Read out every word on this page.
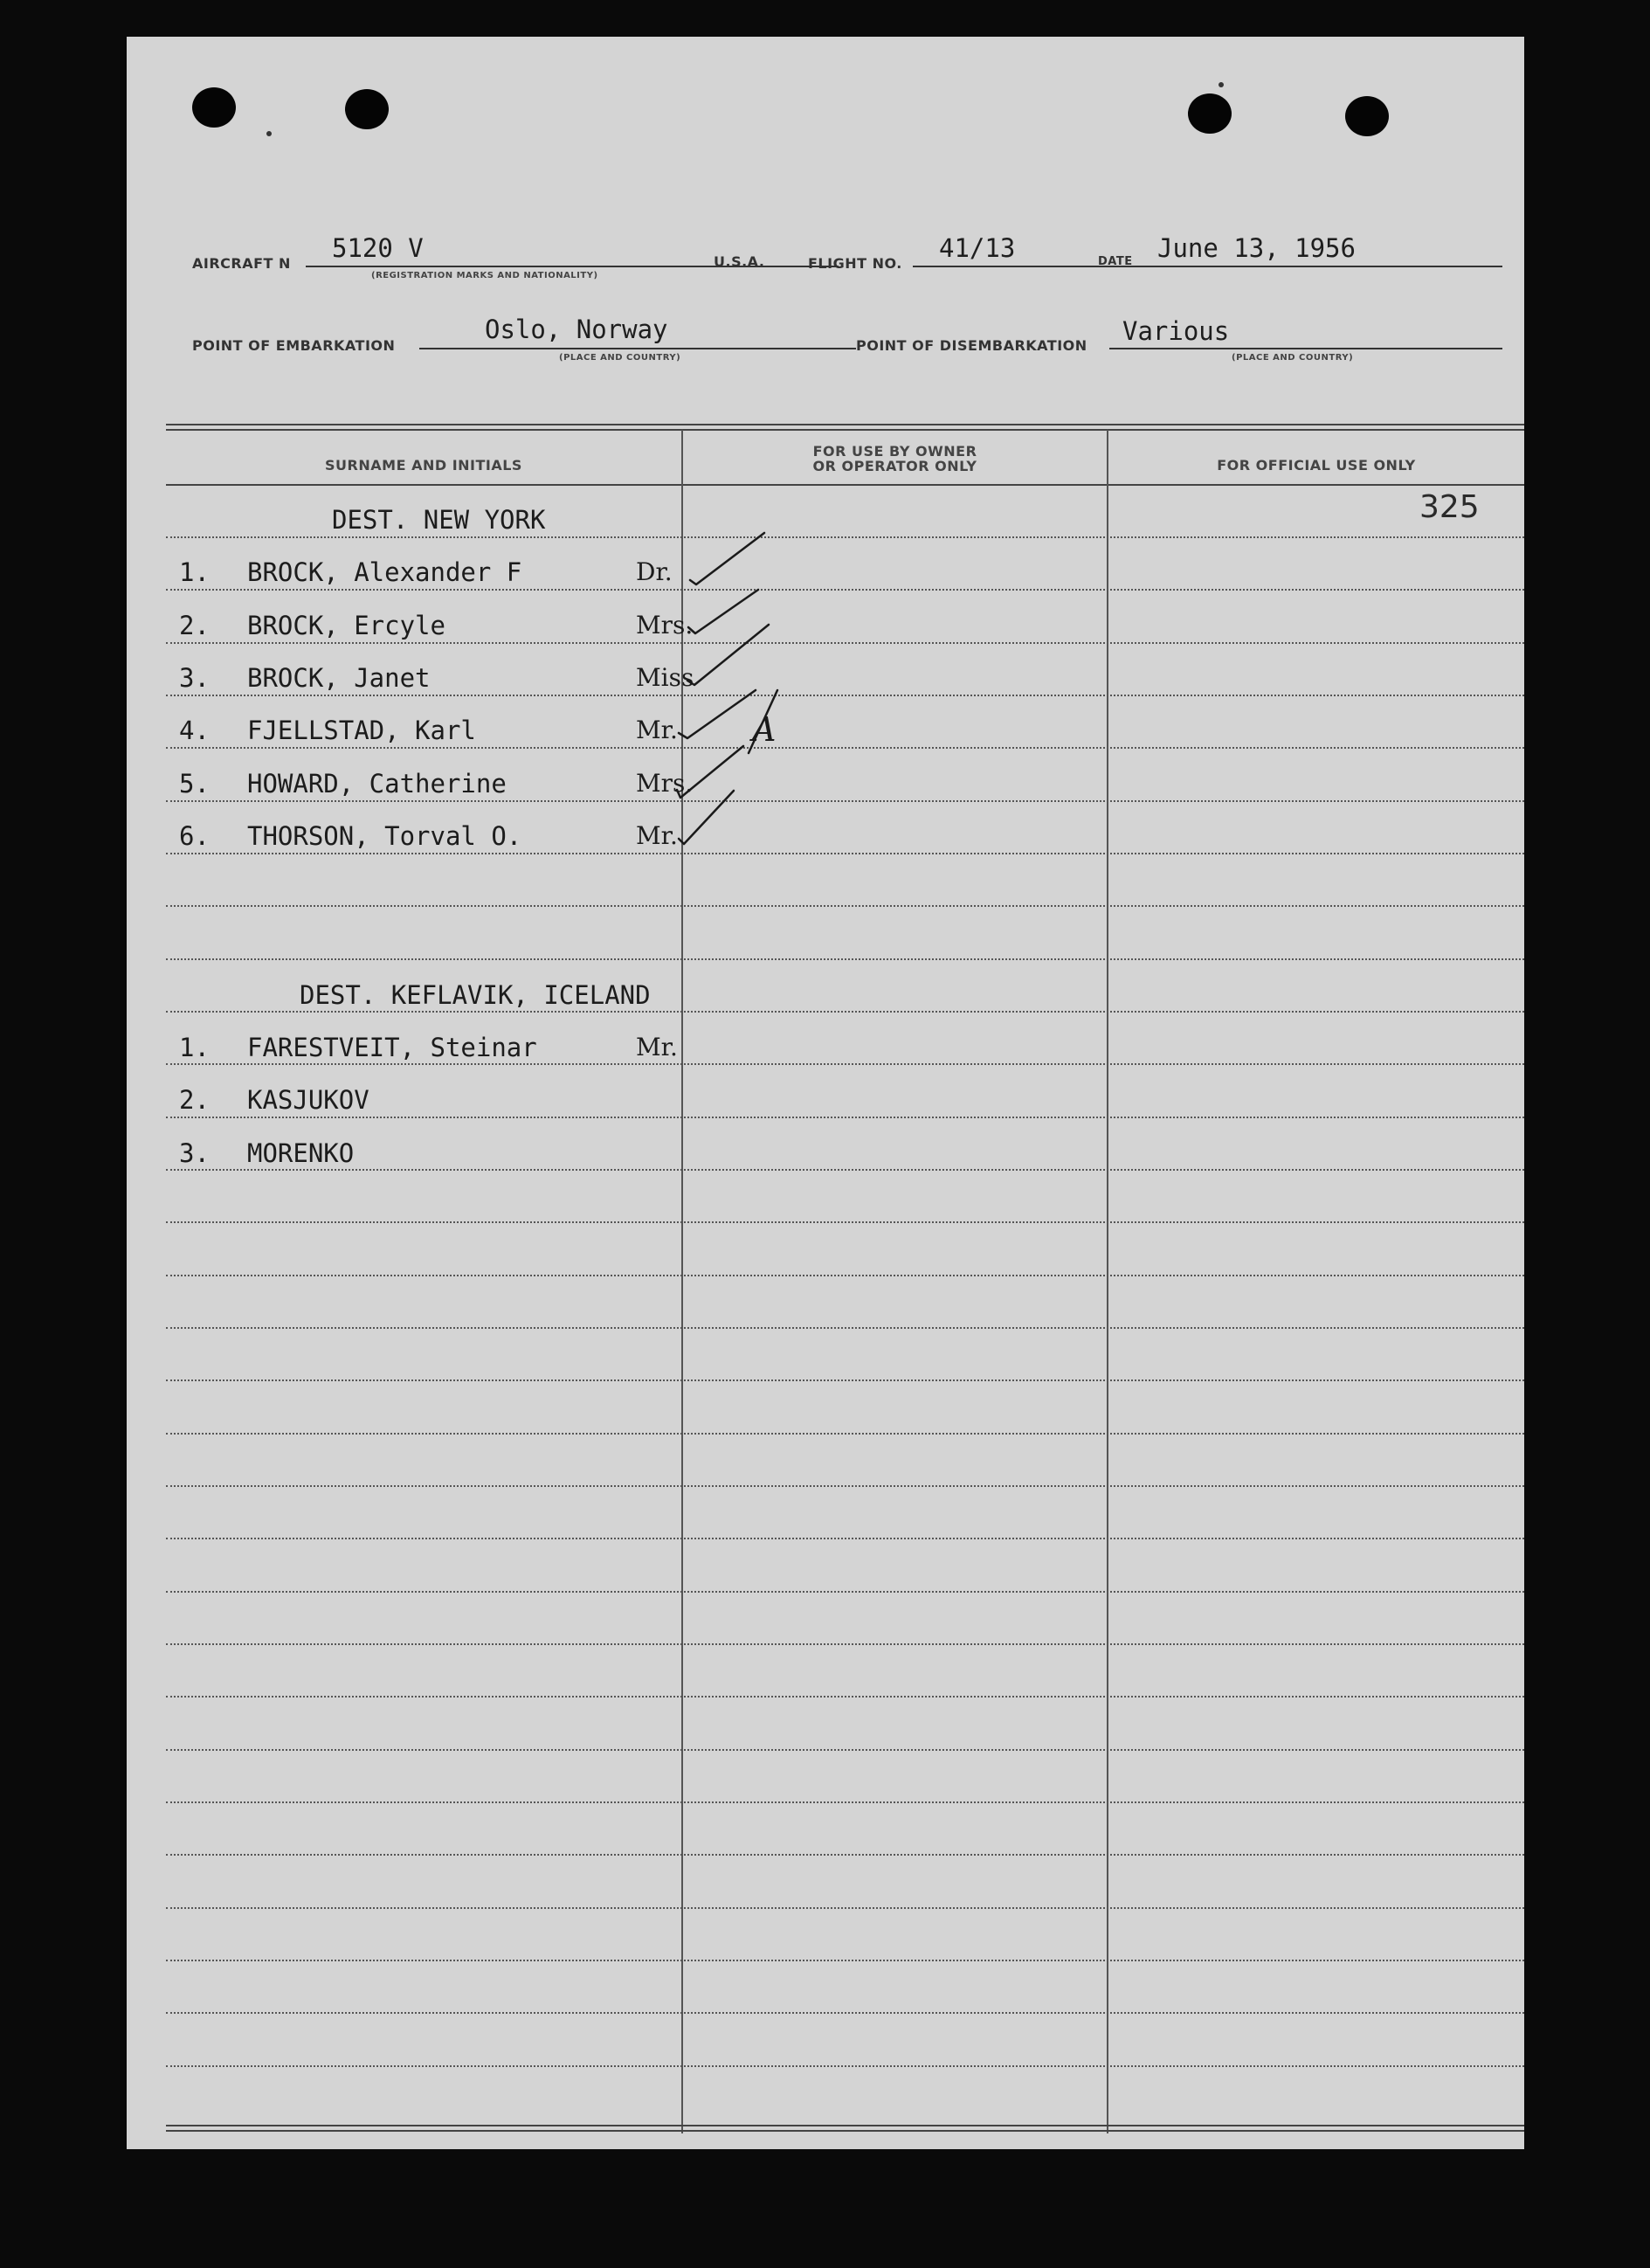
AIRCRAFT N
5120 V
(REGISTRATION MARKS AND NATIONALITY)
U.S.A.	FLIGHT NO.
41/13	DATE June 13, 1956
POINT OF EMBARKATION
Oslo, Norway
(PLACE AND COUNTRY)
POINT OF DISEMBARKATION Various
(PLACE AND COUNTRY)
SURNAME AND INITIALS
FOR USE BY OWNER
OR OPERATOR ONLY	FOR OFFICIAL USE ONLY
325
DEST. NEW YORK
1. BROCK, Alexander F	Dr.
2. BROCK, Ercyle	Mrs.
3. BROCK, Janet	Miss
4. FJELLSTAD, Karl	Mr.
5. HOWARD, Catherine	Mrs.
6. THORSON, Torval O.	Mr.
DEST. KEFLAVIK, ICELAND
1. FARESTVEIT, Steinar	Mr.
2. KASJUKOV
3. MORENKO
A
